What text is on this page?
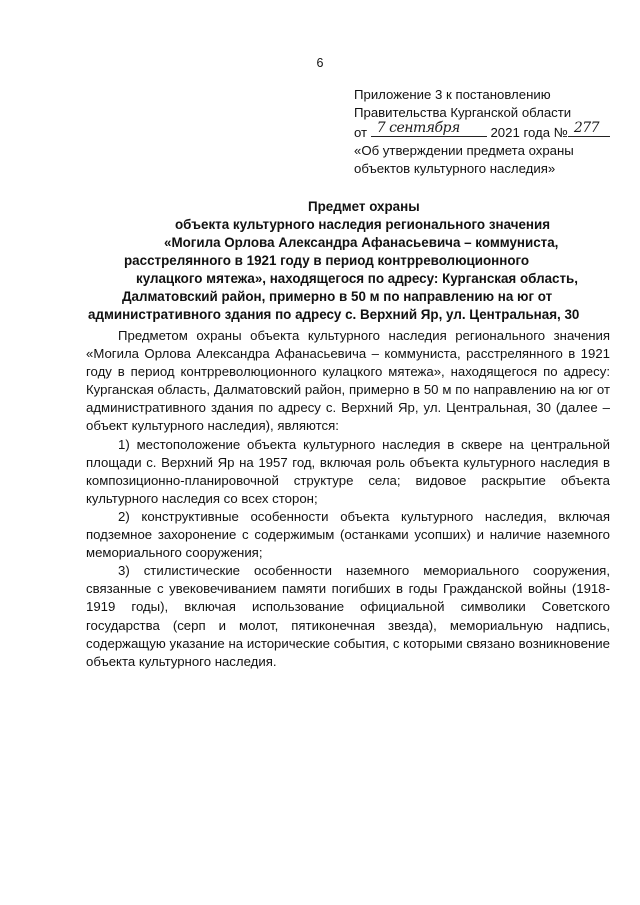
6
Приложение 3 к постановлению
Правительства Курганской области
от 7 сентября 2021 года № 277
«Об утверждении предмета охраны
объектов культурного наследия»
Предмет охраны
объекта культурного наследия регионального значения
«Могила Орлова Александра Афанасьевича – коммуниста,
расстрелянного в 1921 году в период контрреволюционного
кулацкого мятежа», находящегося по адресу: Курганская область,
Далматовский район, примерно в 50 м по направлению на юг от
административного здания по адресу с. Верхний Яр, ул. Центральная, 30

Предметом охраны объекта культурного наследия регионального значения «Могила Орлова Александра Афанасьевича – коммуниста, расстрелянного в 1921 году в период контрреволюционного кулацкого мятежа», находящегося по адресу: Курганская область, Далматовский район, примерно в 50 м по направлению на юг от административного здания по адресу с. Верхний Яр, ул. Центральная, 30 (далее – объект культурного наследия), являются:

1) местоположение объекта культурного наследия в сквере на центральной площади с. Верхний Яр на 1957 год, включая роль объекта культурного наследия в композиционно-планировочной структуре села; видовое раскрытие объекта культурного наследия со всех сторон;

2) конструктивные особенности объекта культурного наследия, включая подземное захоронение с содержимым (останками усопших) и наличие наземного мемориального сооружения;

3) стилистические особенности наземного мемориального сооружения, связанные с увековечиванием памяти погибших в годы Гражданской войны (1918-1919 годы), включая использование официальной символики Советского государства (серп и молот, пятиконечная звезда), мемориальную надпись, содержащую указание на исторические события, с которыми связано возникновение объекта культурного наследия.
